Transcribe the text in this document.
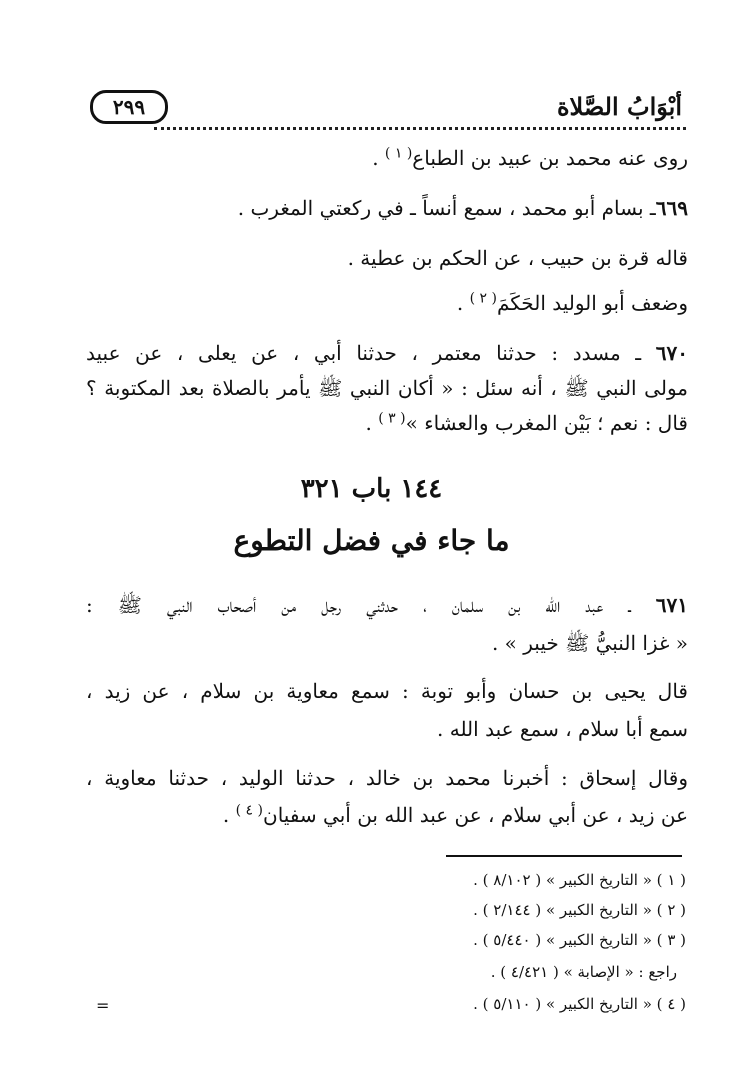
أبْوَابُ الصَّلاة
٢٩٩
روى عنه محمد بن عبيد بن الطباع$^{( ١ )}$ .
٦٦٩ـ بسام أبو محمد ، سمع أنساً ـ في ركعتي المغرب .
قاله قرة بن حبيب ، عن الحكم بن عطية .
وضعف أبو الوليد الحَكَمَ$^{( ٢ )}$ .
٦٧٠ ـ مسدد : حدثنا معتمر ، حدثنا أبي ، عن يعلى ، عن عبيد
مولى النبي ﷺ ، أنه سئل : « أكان النبي ﷺ يأمر بالصلاة بعد المكتوبة ؟
قال : نعم ؛ بَيْن المغرب والعشاء »$^{( ٣ )}$ .
١٤٤ باب ٣٢١
ما جاء في فضل التطوع
٦٧١ ـ عبد الله بن سلمان ، حدثني رجل من أصحاب النبي ﷺ :
« غزا النبيُّ ﷺ خيبر » .
قال يحيى بن حسان وأبو توبة : سمع معاوية بن سلام ، عن زيد ،
سمع أبا سلام ، سمع عبد الله .
وقال إسحاق : أخبرنا محمد بن خالد ، حدثنا الوليد ، حدثنا معاوية ،
عن زيد ، عن أبي سلام ، عن عبد الله بن أبي سفيان$^{( ٤ )}$ .
( ١ ) « التاريخ الكبير » ( ٨/١٠٢ ) .
( ٢ ) « التاريخ الكبير » ( ٢/١٤٤ ) .
( ٣ ) « التاريخ الكبير » ( ٥/٤٤٠ ) .
راجع : « الإصابة » ( ٤/٤٢١ ) .
( ٤ ) « التاريخ الكبير » ( ٥/١١٠ ) .
=
